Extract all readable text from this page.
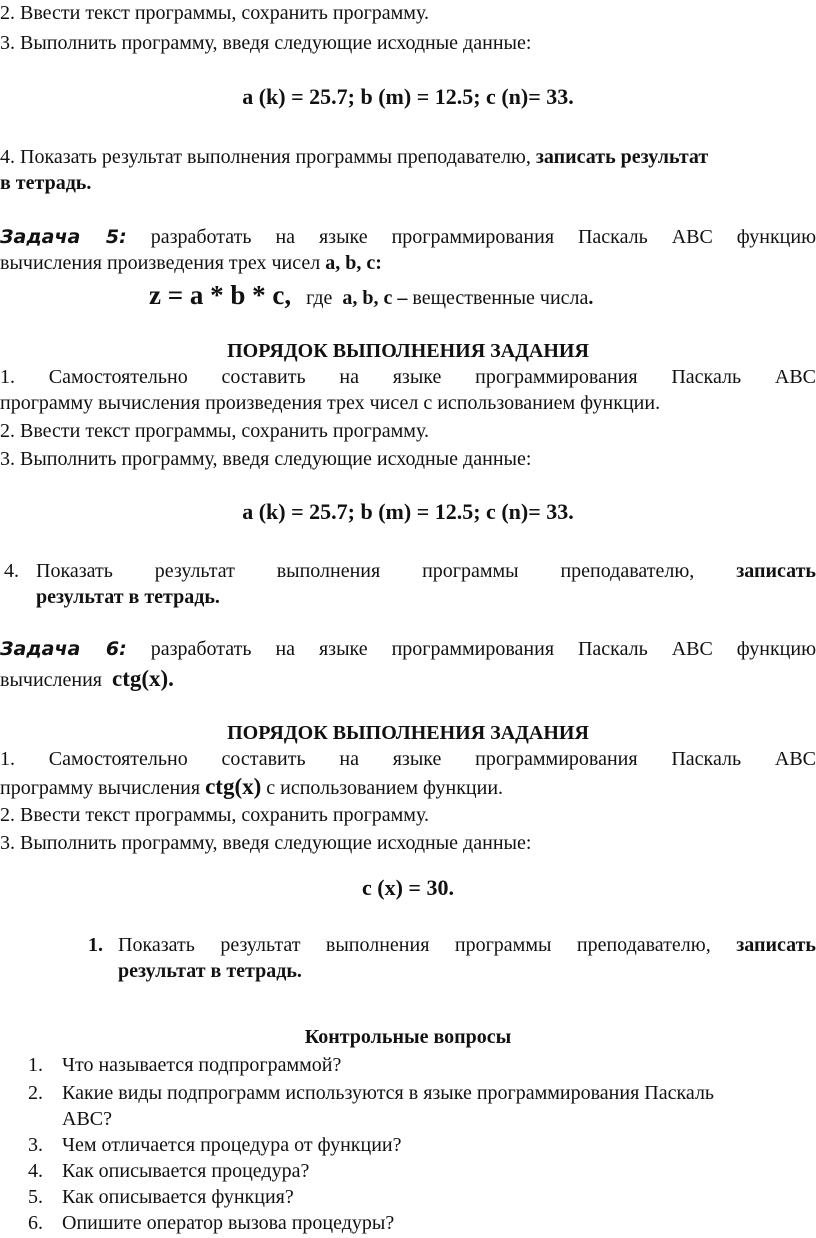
2. Ввести текст программы, сохранить программу.
3. Выполнить программу, введя следующие исходные данные:
a (k) = 25.7; b (m) = 12.5; c (n)= 33.
4. Показать результат выполнения программы преподавателю, записать результат
в тетрадь.
Задача 5: разработать на языке программирования Паскаль ABC функцию
вычисления произведения трех чисел a, b, c:
z = a * b * c, где a, b, c – вещественные числа.
ПОРЯДОК ВЫПОЛНЕНИЯ ЗАДАНИЯ
1. Самостоятельно составить на языке программирования Паскаль ABC
программу вычисления произведения трех чисел с использованием функции.
2. Ввести текст программы, сохранить программу.
3. Выполнить программу, введя следующие исходные данные:
a (k) = 25.7; b (m) = 12.5; c (n)= 33.
4. Показать результат выполнения программы преподавателю, записать
результат в тетрадь.
Задача 6: разработать на языке программирования Паскаль ABC функцию
вычисления ctg(x).
ПОРЯДОК ВЫПОЛНЕНИЯ ЗАДАНИЯ
1. Самостоятельно составить на языке программирования Паскаль ABC
программу вычисления ctg(x) с использованием функции.
2. Ввести текст программы, сохранить программу.
3. Выполнить программу, введя следующие исходные данные:
c (x) = 30.
1. Показать результат выполнения программы преподавателю, записать
результат в тетрадь.
Контрольные вопросы
1. Что называется подпрограммой?
2. Какие виды подпрограмм используются в языке программирования Паскаль
ABC?
3. Чем отличается процедура от функции?
4. Как описывается процедура?
5. Как описывается функция?
6. Опишите оператор вызова процедуры?
